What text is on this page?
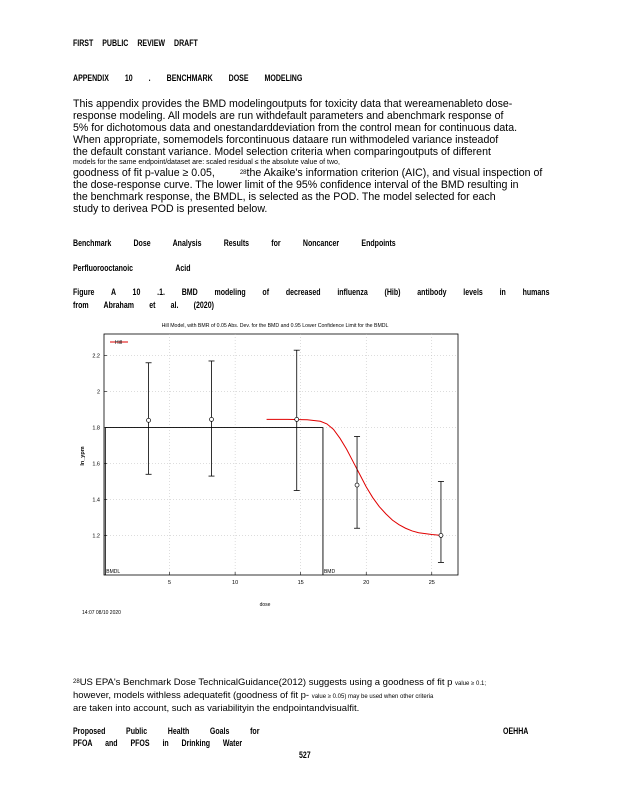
FIRST PUBLIC REVIEW DRAFT
APPENDIX 10 . BENCHMARK DOSE MODELING
This appendix provides the BMD modelingoutputs for toxicity data that wereamenableto dose-
response modeling. All models are run withdefault parameters and abenchmark response of
5% for dichotomous data and onestandarddeviation from the control mean for continuous data.
When appropriate, somemodels forcontinuous dataare run withmodeled variance insteadof
the default constant variance. Model selection criteria when comparingoutputs of different
models for the same endpoint/dataset are: scaled residual ≤ the absolute value of two,
goodness of fit p-value ≥ 0.05,	$^{28}$the Akaike's information criterion (AIC), and visual inspection of
the dose-response curve. The lower limit of the 95% confidence interval of the BMD resulting in
the benchmark response, the BMDL, is selected as the POD. The model selected for each
study to derivea POD is presented below.
Benchmark Dose Analysis Results for Noncancer Endpoints
Perfluorooctanoic Acid
Figure A 10 .1. BMD modeling of decreased influenza (Hib) antibody levels in humans
from Abraham et al. (2020)
Hill Model, with BMR of 0.05 Abs. Dev. for the BMD and 0.95 Lower Confidence Limit for the BMDL
5	10	15	20	25
1.2
1.4
1.6
1.8
2
2.2
BMD
BMDL
Hill
dose
ln_ypm
14:07 08/10 2020
$^{28}$US EPA's Benchmark Dose TechnicalGuidance(2012) suggests using a goodness of fit p value ≥ 0.1;
however, models withless adequatefit (goodness of fit p- value ≥ 0.05) may be used when other criteria
are taken into account, such as variabilityin the endpointandvisualfit.
Proposed Public Health Goals for
PFOA and PFOS in Drinking Water
OEHHA
527
